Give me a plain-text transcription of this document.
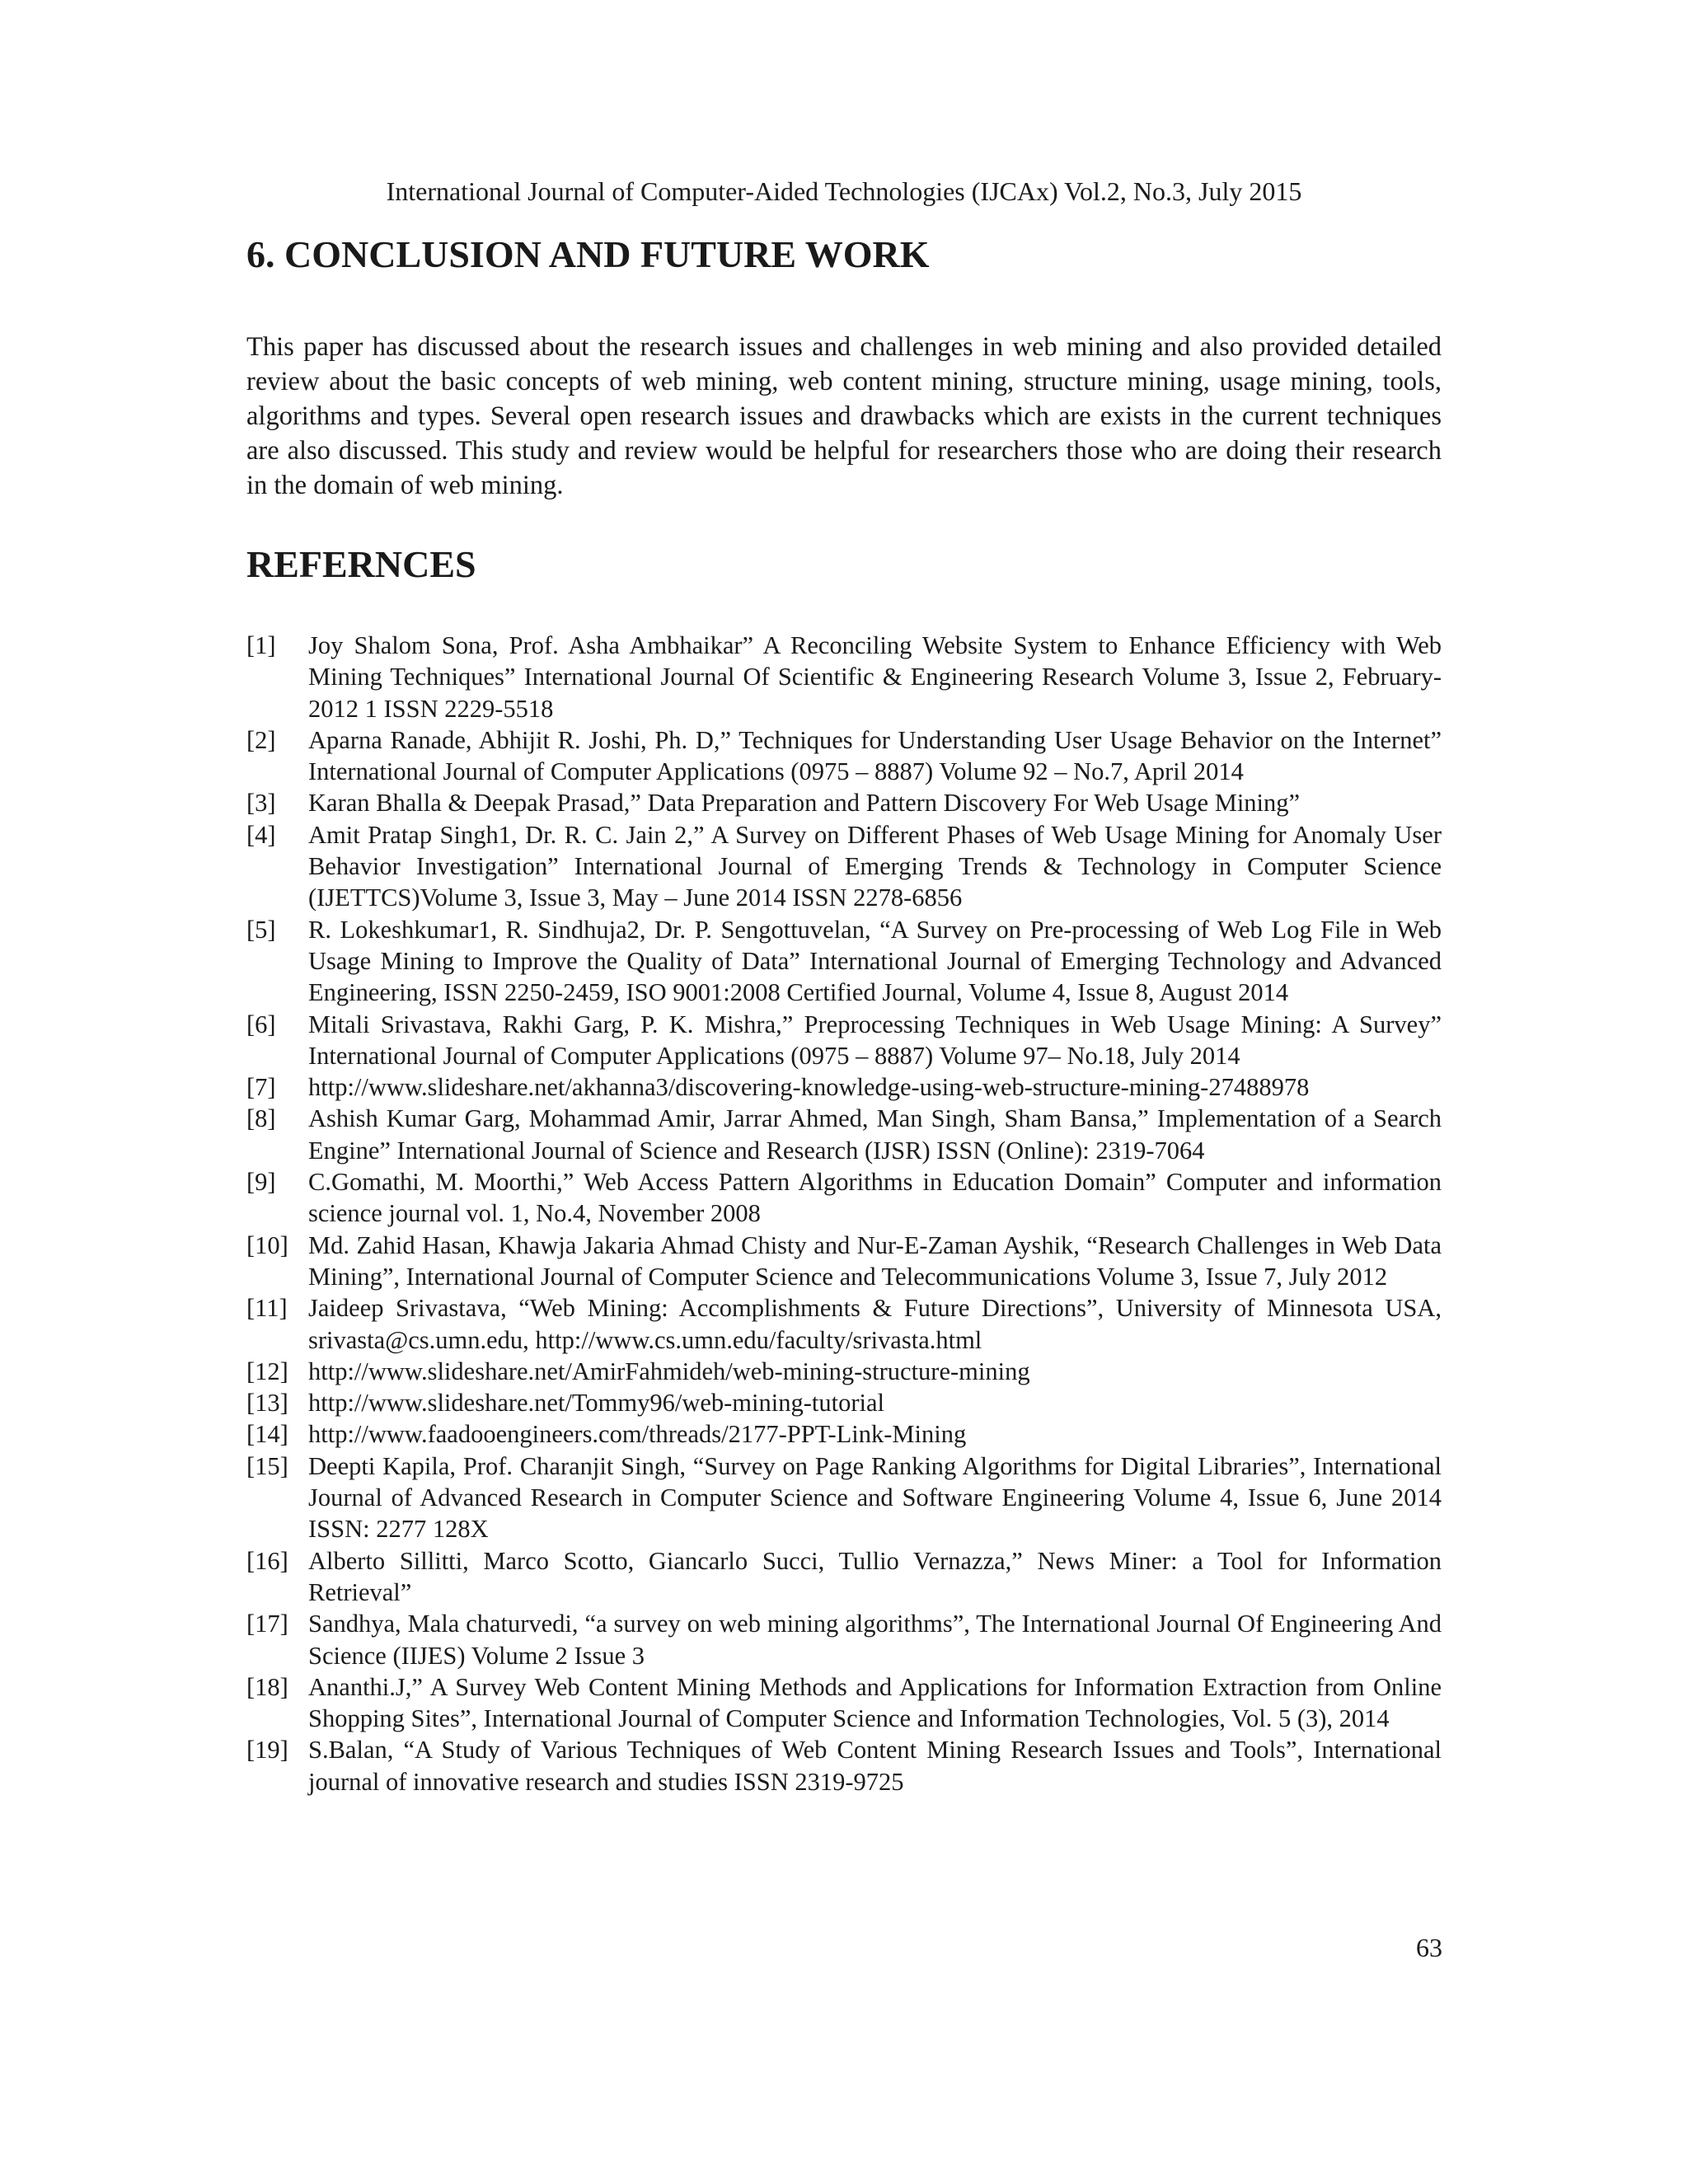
International Journal of Computer-Aided Technologies (IJCAx) Vol.2, No.3, July 2015
6. CONCLUSION AND FUTURE WORK

This paper has discussed about the research issues and challenges in web mining and also provided detailed review about the basic concepts of web mining, web content mining, structure mining, usage mining, tools, algorithms and types. Several open research issues and drawbacks which are exists in the current techniques are also discussed. This study and review would be helpful for researchers those who are doing their research in the domain of web mining.

REFERNCES
[1] Joy Shalom Sona, Prof. Asha Ambhaikar” A Reconciling Website System to Enhance Efficiency with Web Mining Techniques” International Journal Of Scientific & Engineering Research Volume 3, Issue 2, February-2012 1 ISSN 2229-5518
[2] Aparna Ranade, Abhijit R. Joshi, Ph. D,” Techniques for Understanding User Usage Behavior on the Internet” International Journal of Computer Applications (0975 – 8887) Volume 92 – No.7, April 2014
[3] Karan Bhalla & Deepak Prasad,” Data Preparation and Pattern Discovery For Web Usage Mining”
[4] Amit Pratap Singh1, Dr. R. C. Jain 2,” A Survey on Different Phases of Web Usage Mining for Anomaly User Behavior Investigation” International Journal of Emerging Trends & Technology in Computer Science (IJETTCS)Volume 3, Issue 3, May – June 2014 ISSN 2278-6856
[5] R. Lokeshkumar1, R. Sindhuja2, Dr. P. Sengottuvelan, “A Survey on Pre-processing of Web Log File in Web Usage Mining to Improve the Quality of Data” International Journal of Emerging Technology and Advanced Engineering, ISSN 2250-2459, ISO 9001:2008 Certified Journal, Volume 4, Issue 8, August 2014
[6] Mitali Srivastava, Rakhi Garg, P. K. Mishra,” Preprocessing Techniques in Web Usage Mining: A Survey” International Journal of Computer Applications (0975 – 8887) Volume 97– No.18, July 2014
[7] http://www.slideshare.net/akhanna3/discovering-knowledge-using-web-structure-mining-27488978
[8] Ashish Kumar Garg, Mohammad Amir, Jarrar Ahmed, Man Singh, Sham Bansa,” Implementation of a Search Engine” International Journal of Science and Research (IJSR) ISSN (Online): 2319-7064
[9] C.Gomathi, M. Moorthi,” Web Access Pattern Algorithms in Education Domain” Computer and information science journal vol. 1, No.4, November 2008
[10] Md. Zahid Hasan, Khawja Jakaria Ahmad Chisty and Nur-E-Zaman Ayshik, “Research Challenges in Web Data Mining”, International Journal of Computer Science and Telecommunications Volume 3, Issue 7, July 2012
[11] Jaideep Srivastava, “Web Mining: Accomplishments & Future Directions”, University of Minnesota USA, srivasta@cs.umn.edu, http://www.cs.umn.edu/faculty/srivasta.html
[12] http://www.slideshare.net/AmirFahmideh/web-mining-structure-mining
[13] http://www.slideshare.net/Tommy96/web-mining-tutorial
[14] http://www.faadooengineers.com/threads/2177-PPT-Link-Mining
[15] Deepti Kapila, Prof. Charanjit Singh, “Survey on Page Ranking Algorithms for Digital Libraries”, International Journal of Advanced Research in Computer Science and Software Engineering Volume 4, Issue 6, June 2014 ISSN: 2277 128X
[16] Alberto Sillitti, Marco Scotto, Giancarlo Succi, Tullio Vernazza,” News Miner: a Tool for Information Retrieval”
[17] Sandhya, Mala chaturvedi, “a survey on web mining algorithms”, The International Journal Of Engineering And Science (IIJES) Volume 2 Issue 3
[18] Ananthi.J,” A Survey Web Content Mining Methods and Applications for Information Extraction from Online Shopping Sites”, International Journal of Computer Science and Information Technologies, Vol. 5 (3), 2014
[19] S.Balan, “A Study of Various Techniques of Web Content Mining Research Issues and Tools”, International journal of innovative research and studies ISSN 2319-9725
63
